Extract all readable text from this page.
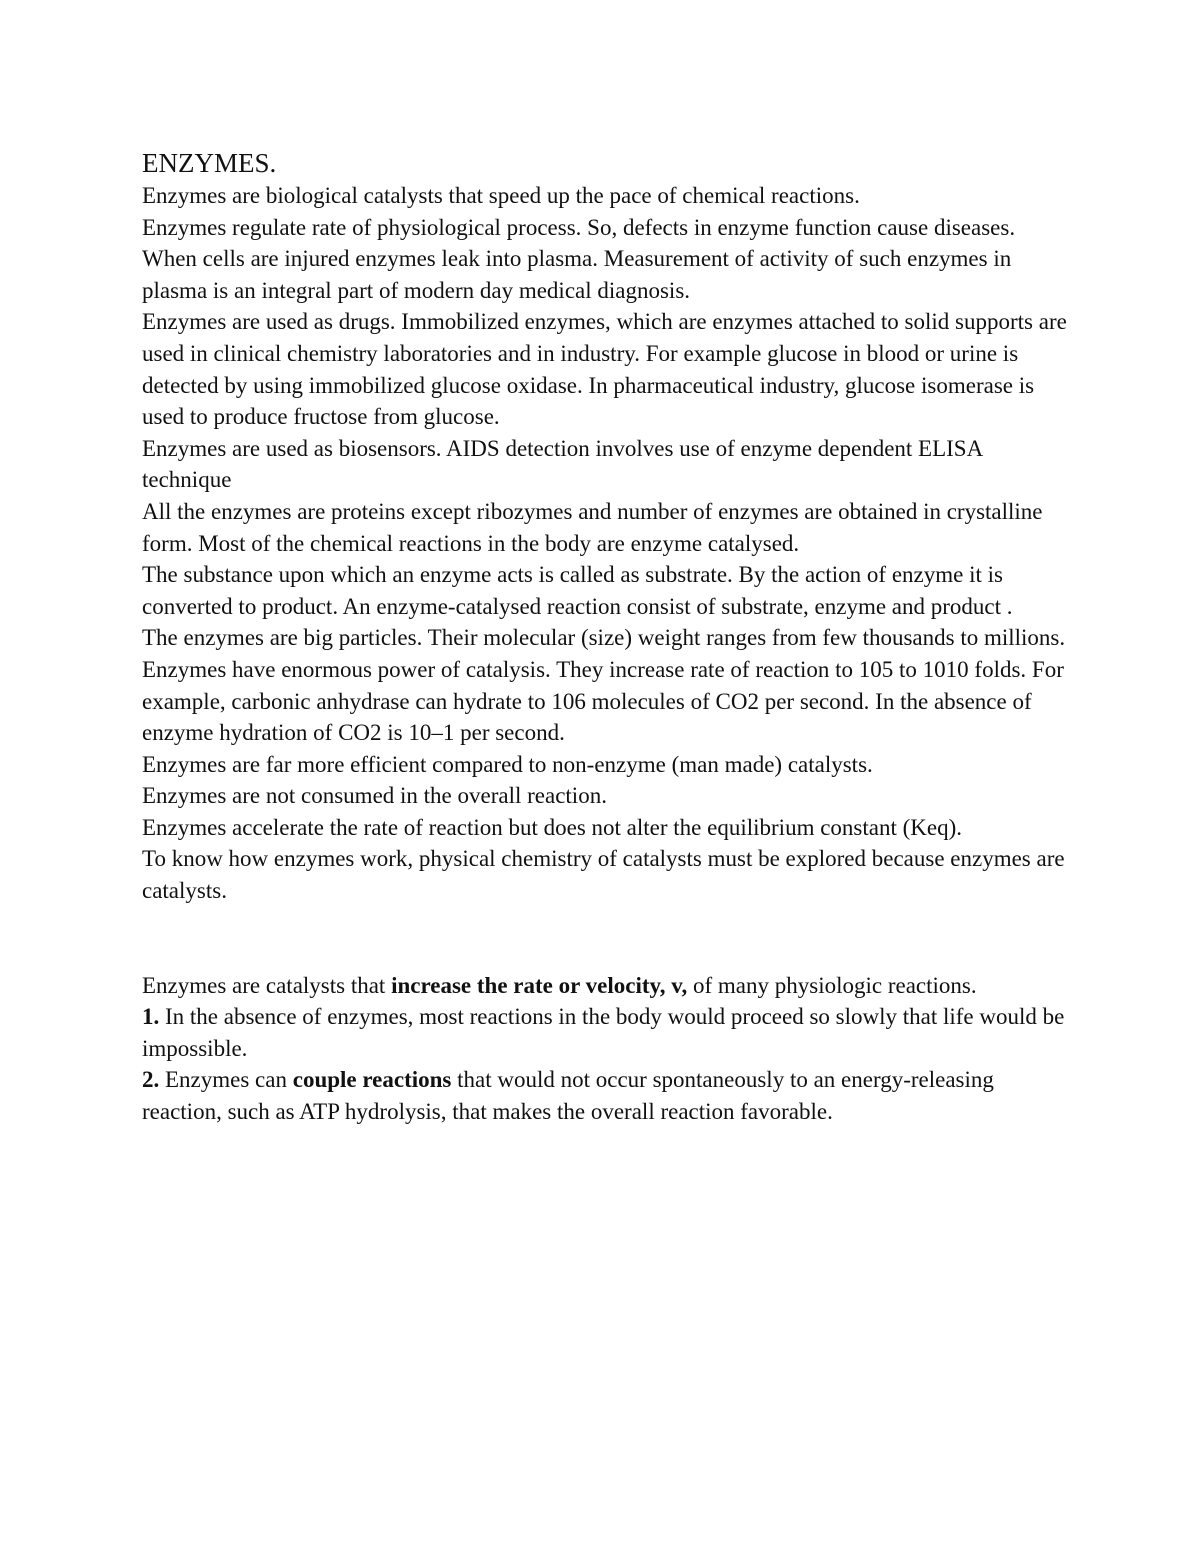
ENZYMES.

Enzymes are biological catalysts that speed up the pace of chemical reactions.

Enzymes regulate rate of physiological process. So, defects in enzyme function cause diseases.

When cells are injured enzymes leak into plasma. Measurement of activity of such enzymes in plasma is an integral part of modern day medical diagnosis.

Enzymes are used as drugs. Immobilized enzymes, which are enzymes attached to solid supports are used in clinical chemistry laboratories and in industry. For example glucose in blood or urine is detected by using immobilized glucose oxidase. In pharmaceutical industry, glucose isomerase is used to produce fructose from glucose.

Enzymes are used as biosensors. AIDS detection involves use of enzyme dependent ELISA technique

All the enzymes are proteins except ribozymes and number of enzymes are obtained in crystalline form. Most of the chemical reactions in the body are enzyme catalysed.

The substance upon which an enzyme acts is called as substrate. By the action of enzyme it is converted to product. An enzyme-catalysed reaction consist of substrate, enzyme and product .

The enzymes are big particles. Their molecular (size) weight ranges from few thousands to millions.

Enzymes have enormous power of catalysis. They increase rate of reaction to 105 to 1010 folds. For example, carbonic anhydrase can hydrate to 106 molecules of CO2 per second. In the absence of enzyme hydration of CO2 is 10–1 per second.

Enzymes are far more efficient compared to non-enzyme (man made) catalysts.

Enzymes are not consumed in the overall reaction.

Enzymes accelerate the rate of reaction but does not alter the equilibrium constant (Keq).

To know how enzymes work, physical chemistry of catalysts must be explored because enzymes are catalysts.

Enzymes are catalysts that increase the rate or velocity, v, of many physiologic reactions.

1. In the absence of enzymes, most reactions in the body would proceed so slowly that life would be impossible.

2. Enzymes can couple reactions that would not occur spontaneously to an energy-releasing reaction, such as ATP hydrolysis, that makes the overall reaction favorable.
